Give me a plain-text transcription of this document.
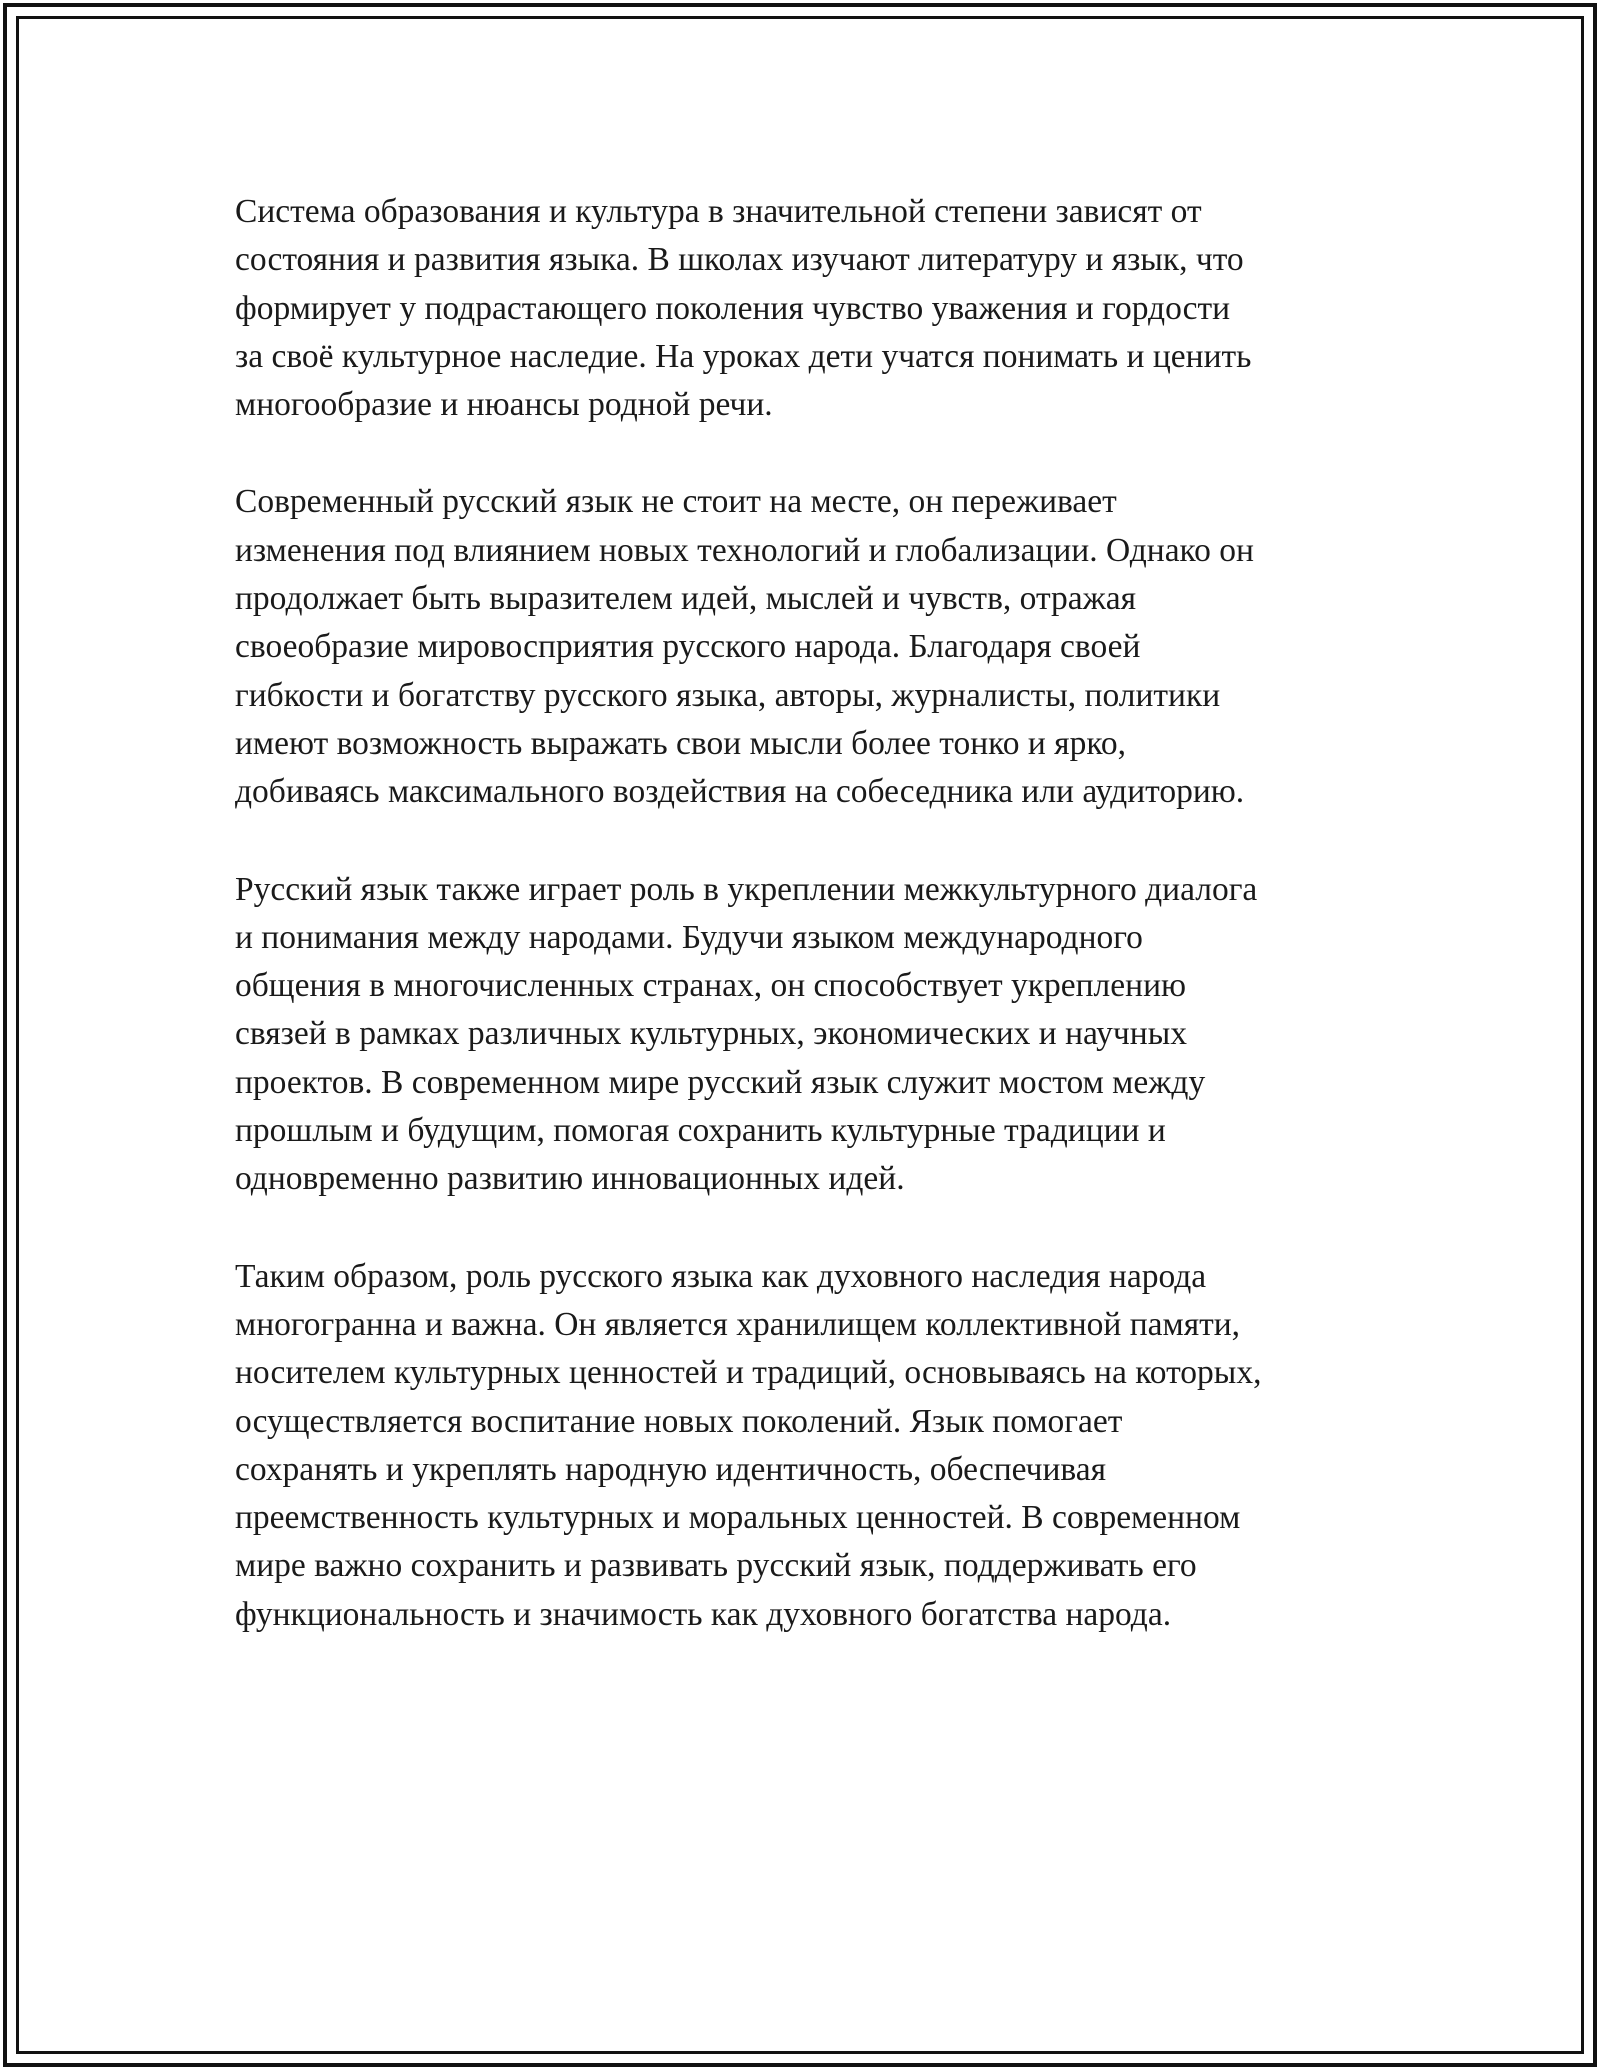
Система образования и культура в значительной степени зависят от
состояния и развития языка. В школах изучают литературу и язык, что
формирует у подрастающего поколения чувство уважения и гордости
за своё культурное наследие. На уроках дети учатся понимать и ценить
многообразие и нюансы родной речи.

Современный русский язык не стоит на месте, он переживает
изменения под влиянием новых технологий и глобализации. Однако он
продолжает быть выразителем идей, мыслей и чувств, отражая
своеобразие мировосприятия русского народа. Благодаря своей
гибкости и богатству русского языка, авторы, журналисты, политики
имеют возможность выражать свои мысли более тонко и ярко,
добиваясь максимального воздействия на собеседника или аудиторию.

Русский язык также играет роль в укреплении межкультурного диалога
и понимания между народами. Будучи языком международного
общения в многочисленных странах, он способствует укреплению
связей в рамках различных культурных, экономических и научных
проектов. В современном мире русский язык служит мостом между
прошлым и будущим, помогая сохранить культурные традиции и
одновременно развитию инновационных идей.

Таким образом, роль русского языка как духовного наследия народа
многогранна и важна. Он является хранилищем коллективной памяти,
носителем культурных ценностей и традиций, основываясь на которых,
осуществляется воспитание новых поколений. Язык помогает
сохранять и укреплять народную идентичность, обеспечивая
преемственность культурных и моральных ценностей. В современном
мире важно сохранить и развивать русский язык, поддерживать его
функциональность и значимость как духовного богатства народа.
